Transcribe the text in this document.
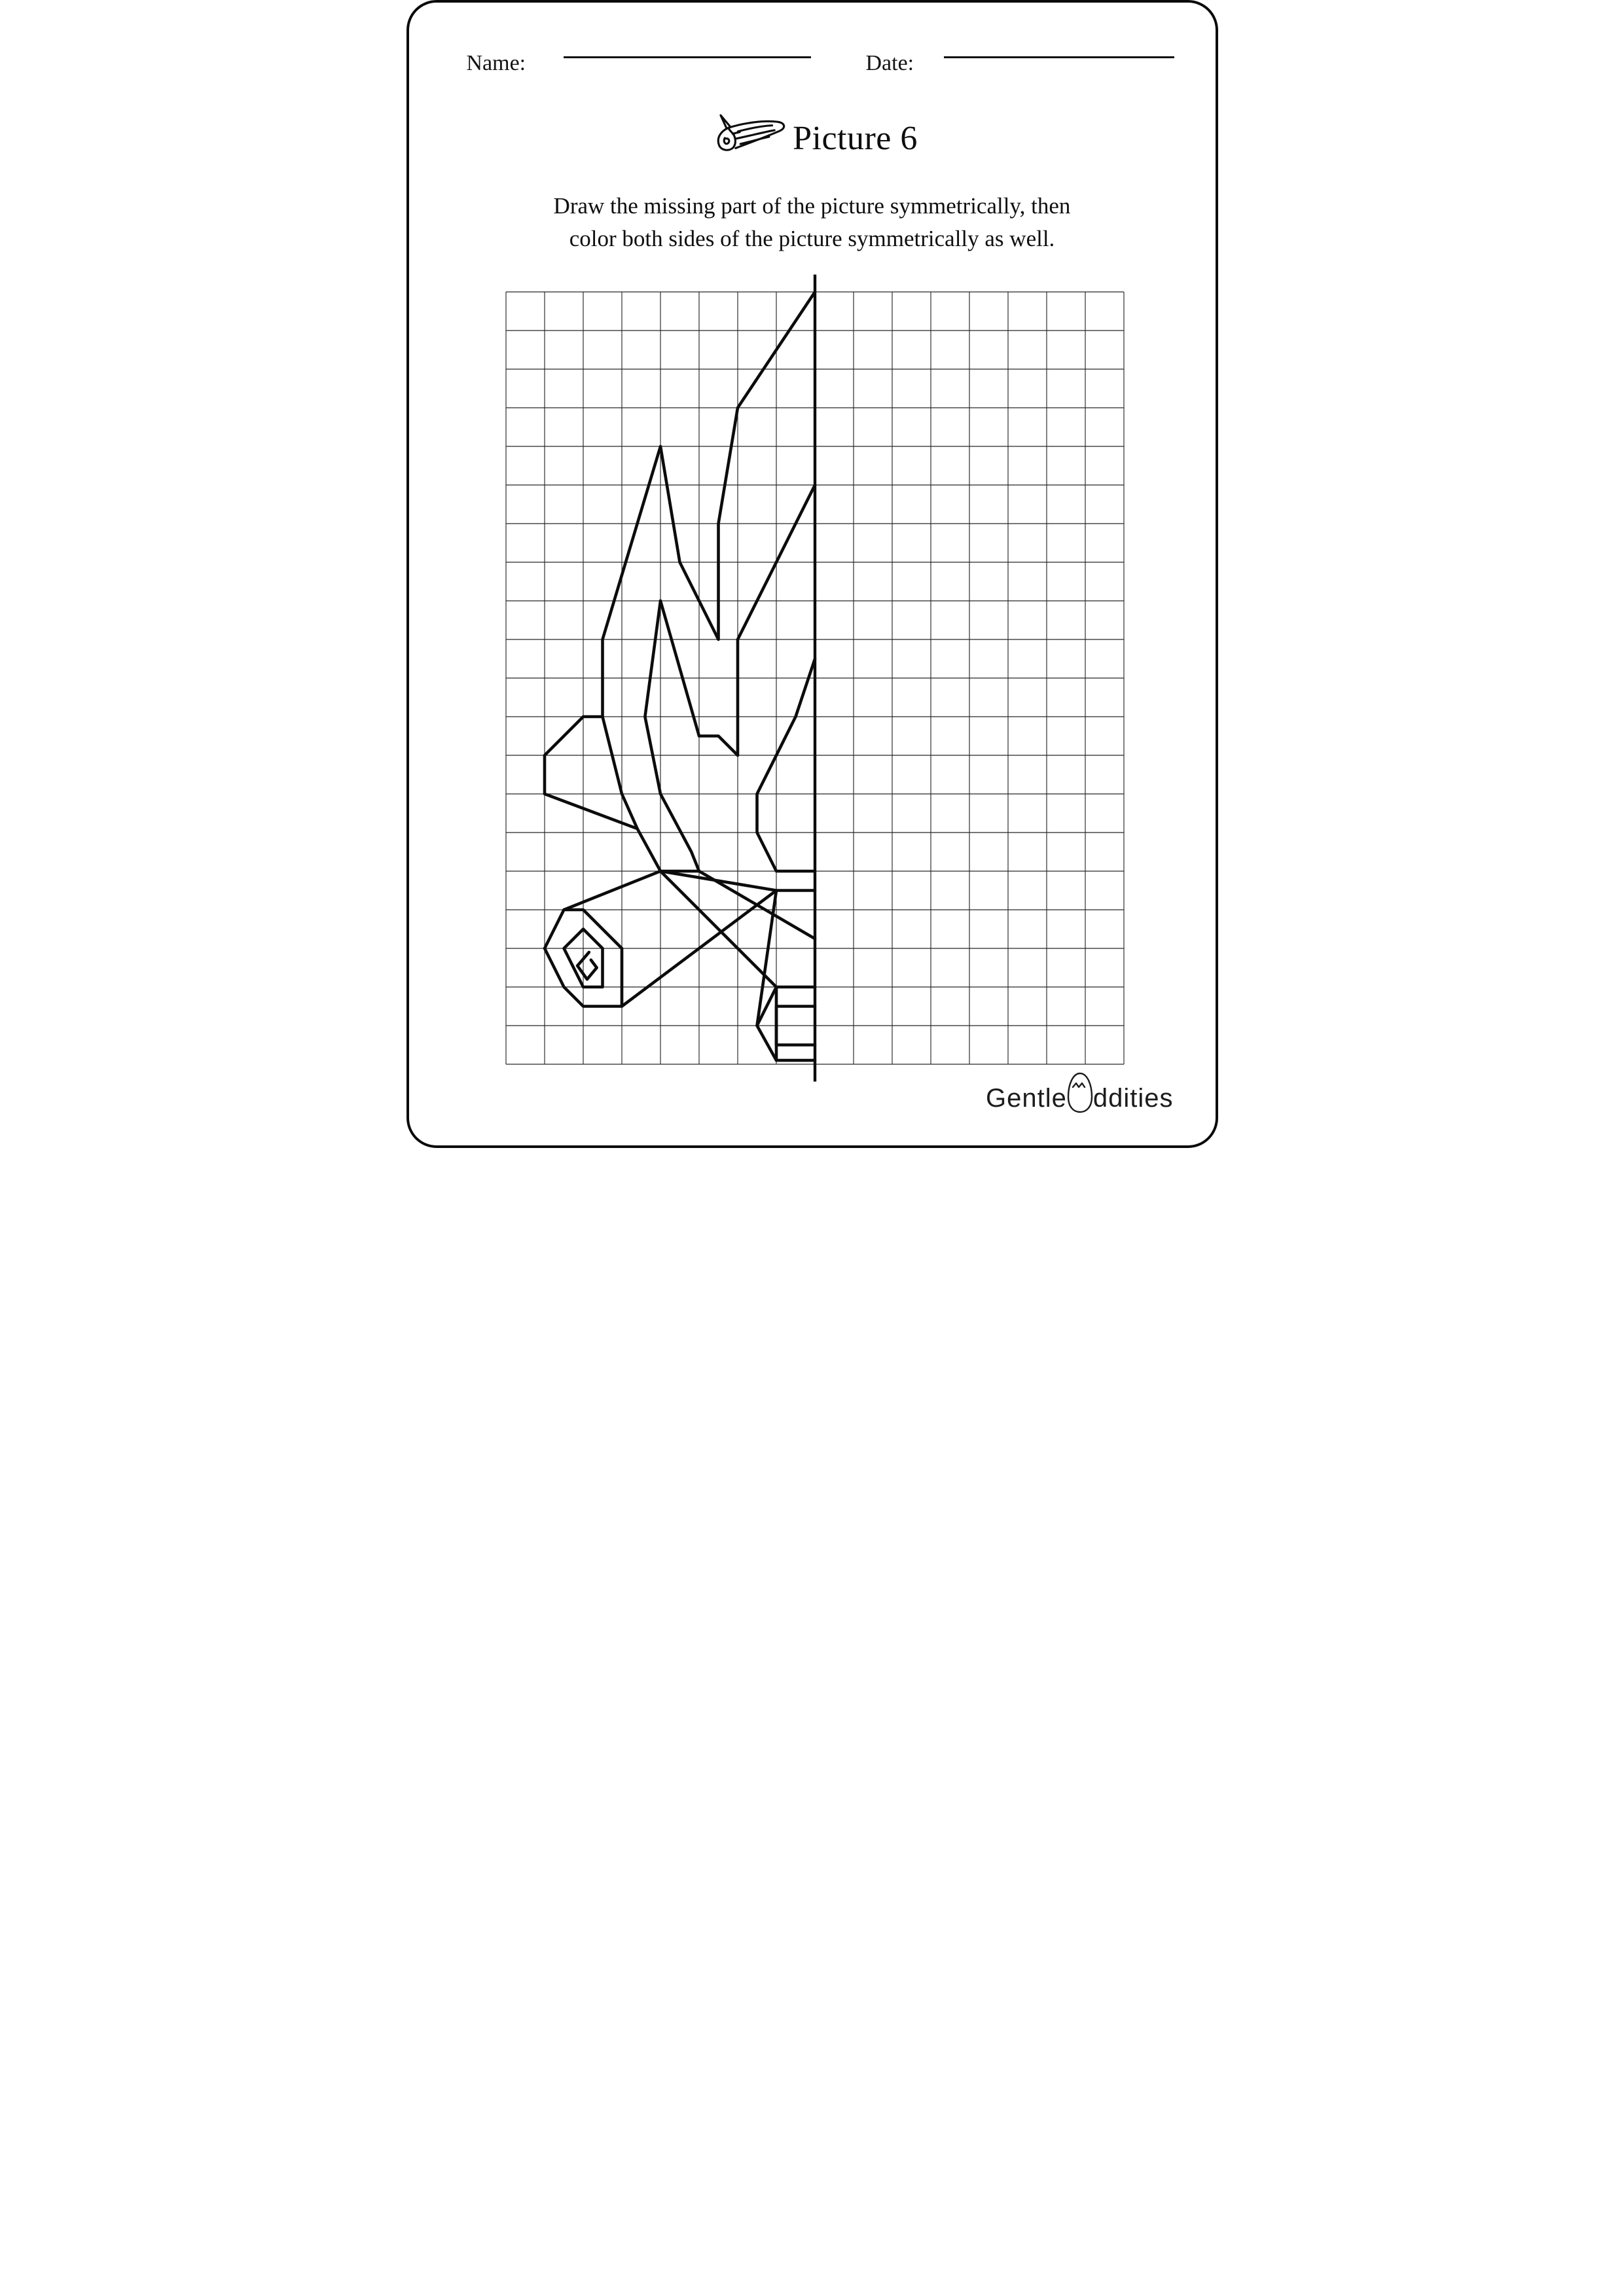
Name:	Date:
Picture 6
Draw the missing part of the picture symmetrically, then
color both sides of the picture symmetrically as well.
Gentle ddities
